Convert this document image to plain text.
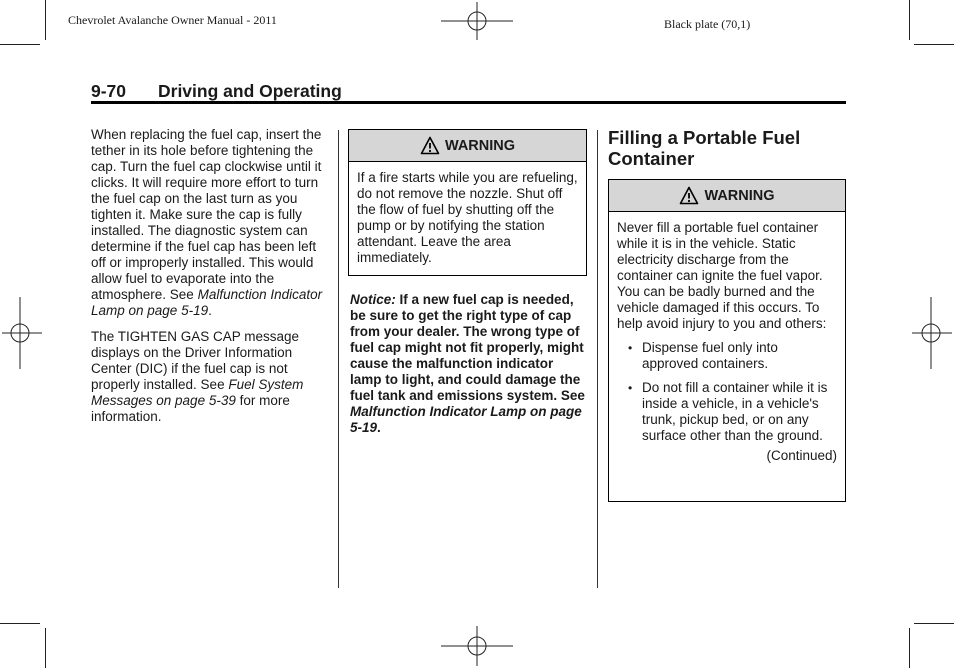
Chevrolet Avalanche Owner Manual - 2011	Black plate (70,1)
9-70 Driving and Operating

When replacing the fuel cap, insert the tether in its hole before tightening the cap. Turn the fuel cap clockwise until it clicks. It will require more effort to turn the fuel cap on the last turn as you tighten it. Make sure the cap is fully installed. The diagnostic system can determine if the fuel cap has been left off or improperly installed. This would allow fuel to evaporate into the atmosphere. See Malfunction Indicator Lamp on page 5-19.

The TIGHTEN GAS CAP message displays on the Driver Information Center (DIC) if the fuel cap is not properly installed. See Fuel System Messages on page 5-39 for more information.

WARNING
If a fire starts while you are refueling, do not remove the nozzle. Shut off the flow of fuel by shutting off the pump or by notifying the station attendant. Leave the area immediately.
Notice: If a new fuel cap is needed, be sure to get the right type of cap from your dealer. The wrong type of fuel cap might not fit properly, might cause the malfunction indicator lamp to light, and could damage the fuel tank and emissions system. See Malfunction Indicator Lamp on page 5-19.
Filling a Portable Fuel Container
WARNING
Never fill a portable fuel container while it is in the vehicle. Static electricity discharge from the container can ignite the fuel vapor. You can be badly burned and the vehicle damaged if this occurs. To help avoid injury to you and others:
• Dispense fuel only into approved containers.
• Do not fill a container while it is inside a vehicle, in a vehicle's trunk, pickup bed, or on any surface other than the ground.
(Continued)
